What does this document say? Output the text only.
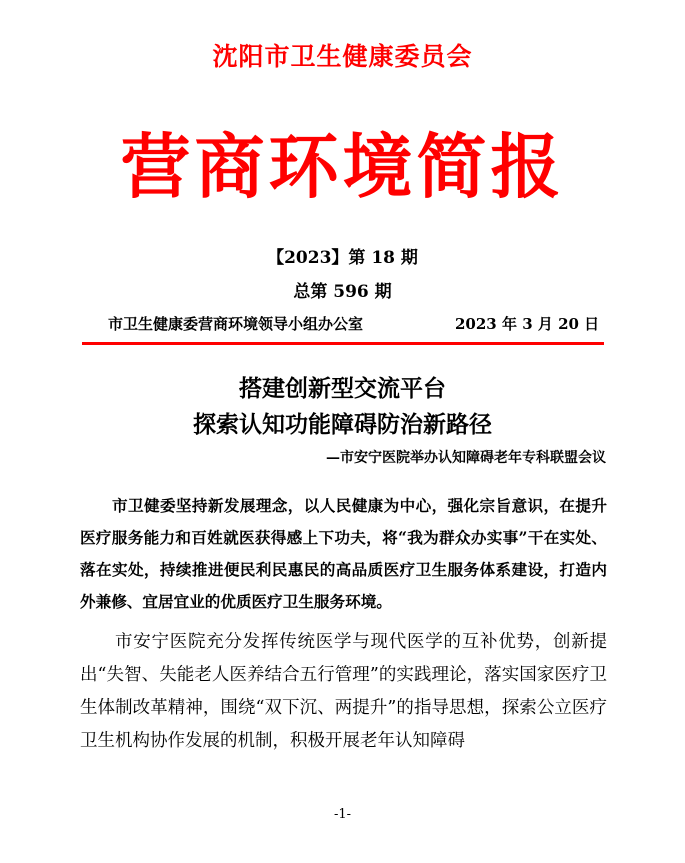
沈阳市卫生健康委员会
营商环境简报
【2023】第 18 期
总第 596 期
市卫生健康委营商环境领导小组办公室	2023 年 3 月 20 日
搭建创新型交流平台
探索认知功能障碍防治新路径
—市安宁医院举办认知障碍老年专科联盟会议
市卫健委坚持新发展理念，以人民健康为中心，强化宗旨意识，在提升医疗服务能力和百姓就医获得感上下功夫，将“我为群众办实事”干在实处、落在实处，持续推进便民利民惠民的高品质医疗卫生服务体系建设，打造内外兼修、宜居宜业的优质医疗卫生服务环境。
市安宁医院充分发挥传统医学与现代医学的互补优势，创新提出“失智、失能老人医养结合五行管理”的实践理论，落实国家医疗卫生体制改革精神，围绕“双下沉、两提升”的指导思想，探索公立医疗卫生机构协作发展的机制，积极开展老年认知障碍
-1-
